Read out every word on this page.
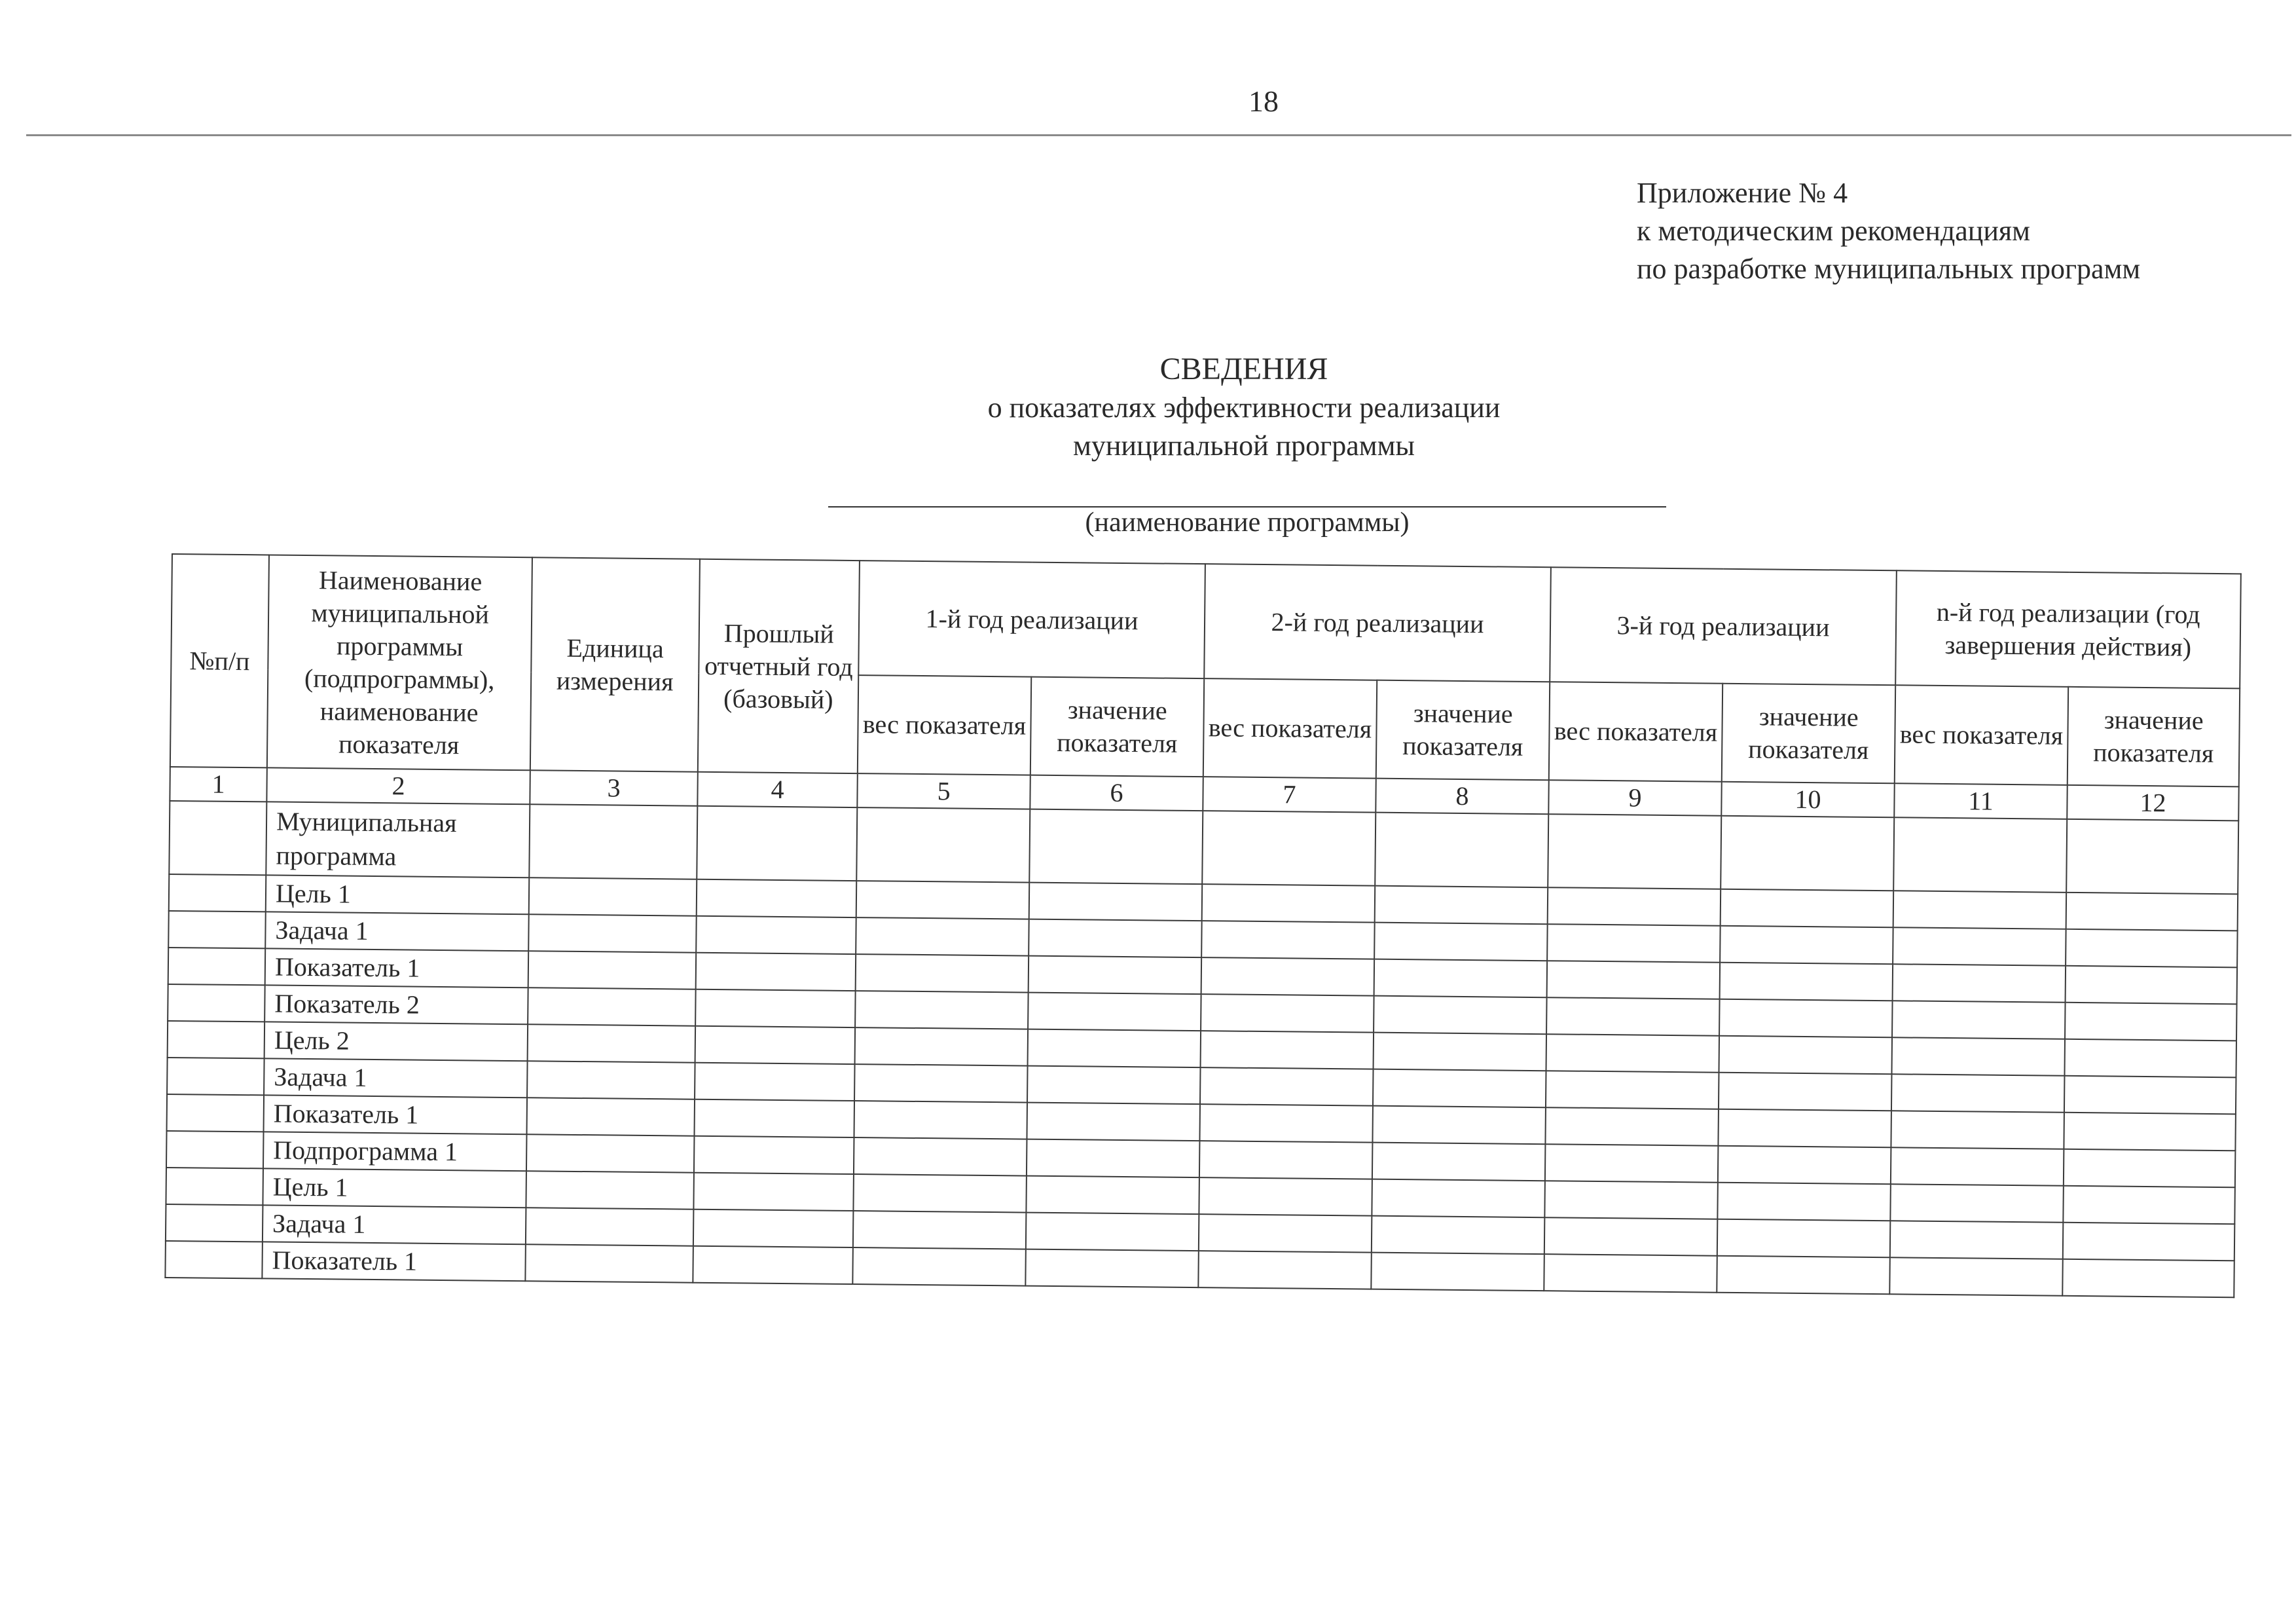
18
Приложение № 4
к методическим рекомендациям
по разработке муниципальных программ
СВЕДЕНИЯ
о показателях эффективности реализации
муниципальной программы
(наименование программы)
№п/п	Наименование муниципальной программы (подпрограммы), наименование показателя	Единица измерения	Прошлый отчетный год (базовый)	1-й год реализации		2-й год реализации		3-й год реализации		n-й год реализации (год завершения действия)	
				вес показателя	значение показателя	вес показателя	значение показателя	вес показателя	значение показателя	вес показателя	значение показателя
1	2	3	4	5	6	7	8	9	10	11	12
	Муниципальная программа										
	Цель 1										
	Задача 1										
	Показатель 1										
	Показатель 2										
	Цель 2										
	Задача 1										
	Показатель 1										
	Подпрограмма 1										
	Цель 1										
	Задача 1										
	Показатель 1										
